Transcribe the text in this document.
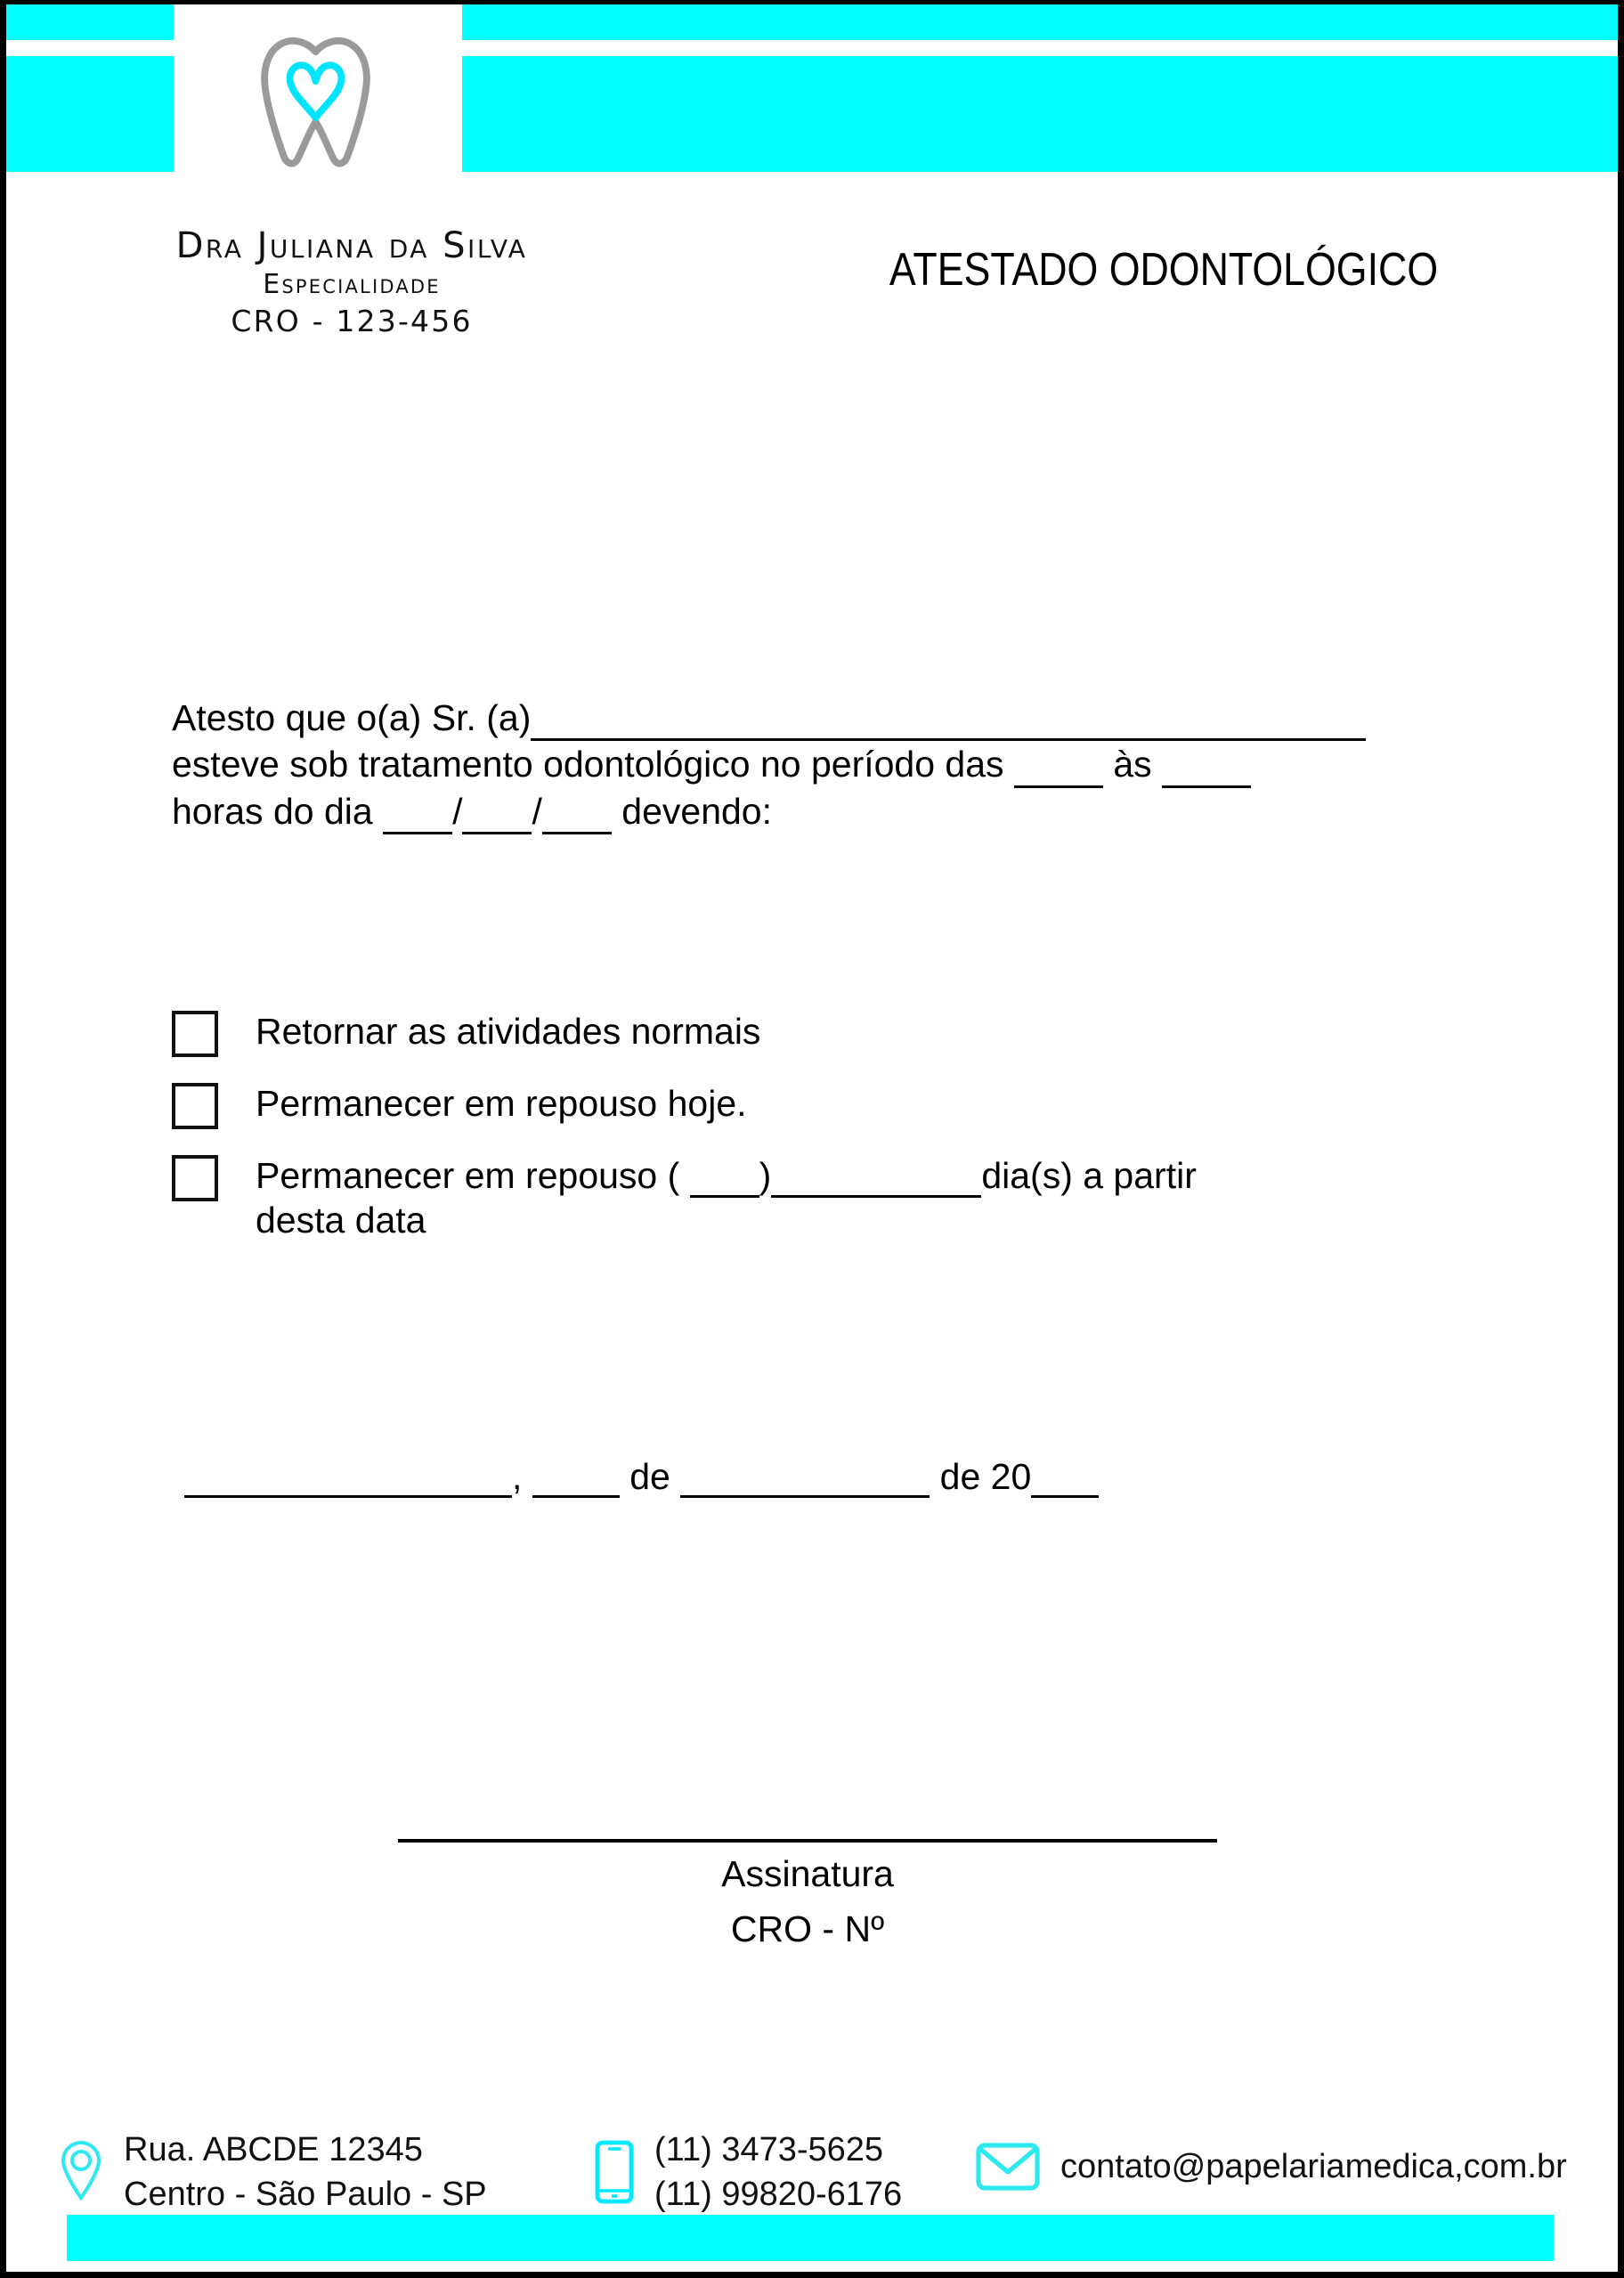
Dra Juliana da Silva
Especialidade
CRO - 123-456
ATESTADO ODONTOLÓGICO
Atesto que o(a) Sr. (a)
esteve sob tratamento odontológico no período das	às
horas do dia / / devendo:
Retornar as atividades normais
Permanecer em repouso hoje.
Permanecer em repouso ( )	dia(s) a partir
desta data
,	de	de 20
Assinatura
CRO - Nº
Rua. ABCDE 12345
Centro - São Paulo - SP
(11) 3473-5625
(11) 99820-6176
contato@papelariamedica,com.br
